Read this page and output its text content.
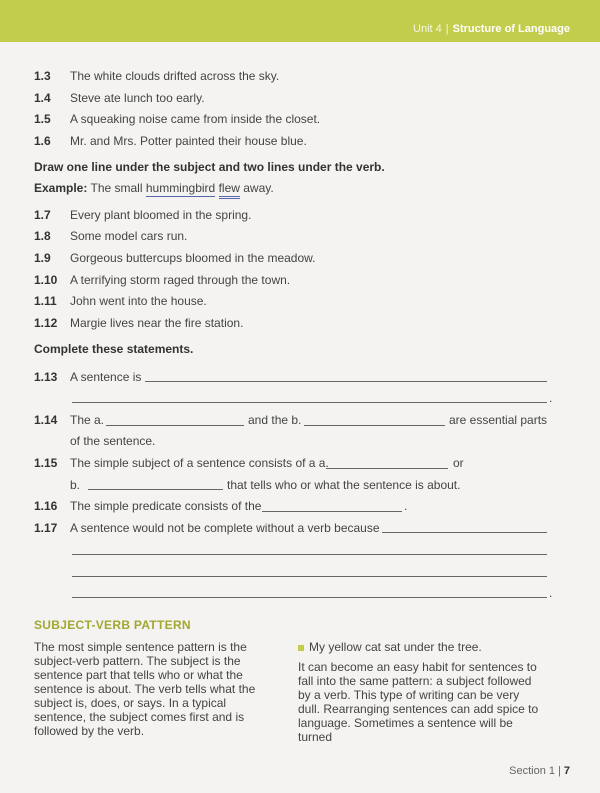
Unit 4 | Structure of Language
1.3 The white clouds drifted across the sky.
1.4 Steve ate lunch too early.
1.5 A squeaking noise came from inside the closet.
1.6 Mr. and Mrs. Potter painted their house blue.
Draw one line under the subject and two lines under the verb.
Example: The small hummingbird flew away.
1.7 Every plant bloomed in the spring.
1.8 Some model cars run.
1.9 Gorgeous buttercups bloomed in the meadow.
1.10 A terrifying storm raged through the town.
1.11 John went into the house.
1.12 Margie lives near the fire station.
Complete these statements.
1.13 A sentence is
.
1.14 The a.	and the b.	are essential parts
of the sentence.
1.15 The simple subject of a sentence consists of a a.	or
b.	that tells who or what the sentence is about.
1.16 The simple predicate consists of the	.
1.17 A sentence would not be complete without a verb because
.
SUBJECT-VERB PATTERN
The most simple sentence pattern is the subject-verb pattern. The subject is the sentence part that tells who or what the sentence is about. The verb tells what the subject is, does, or says. In a typical sentence, the subject comes first and is followed by the verb.
My yellow cat sat under the tree.
It can become an easy habit for sentences to fall into the same pattern: a subject followed by a verb. This type of writing can be very dull. Rearranging sentences can add spice to language. Sometimes a sentence will be turned
Section 1 | 7
